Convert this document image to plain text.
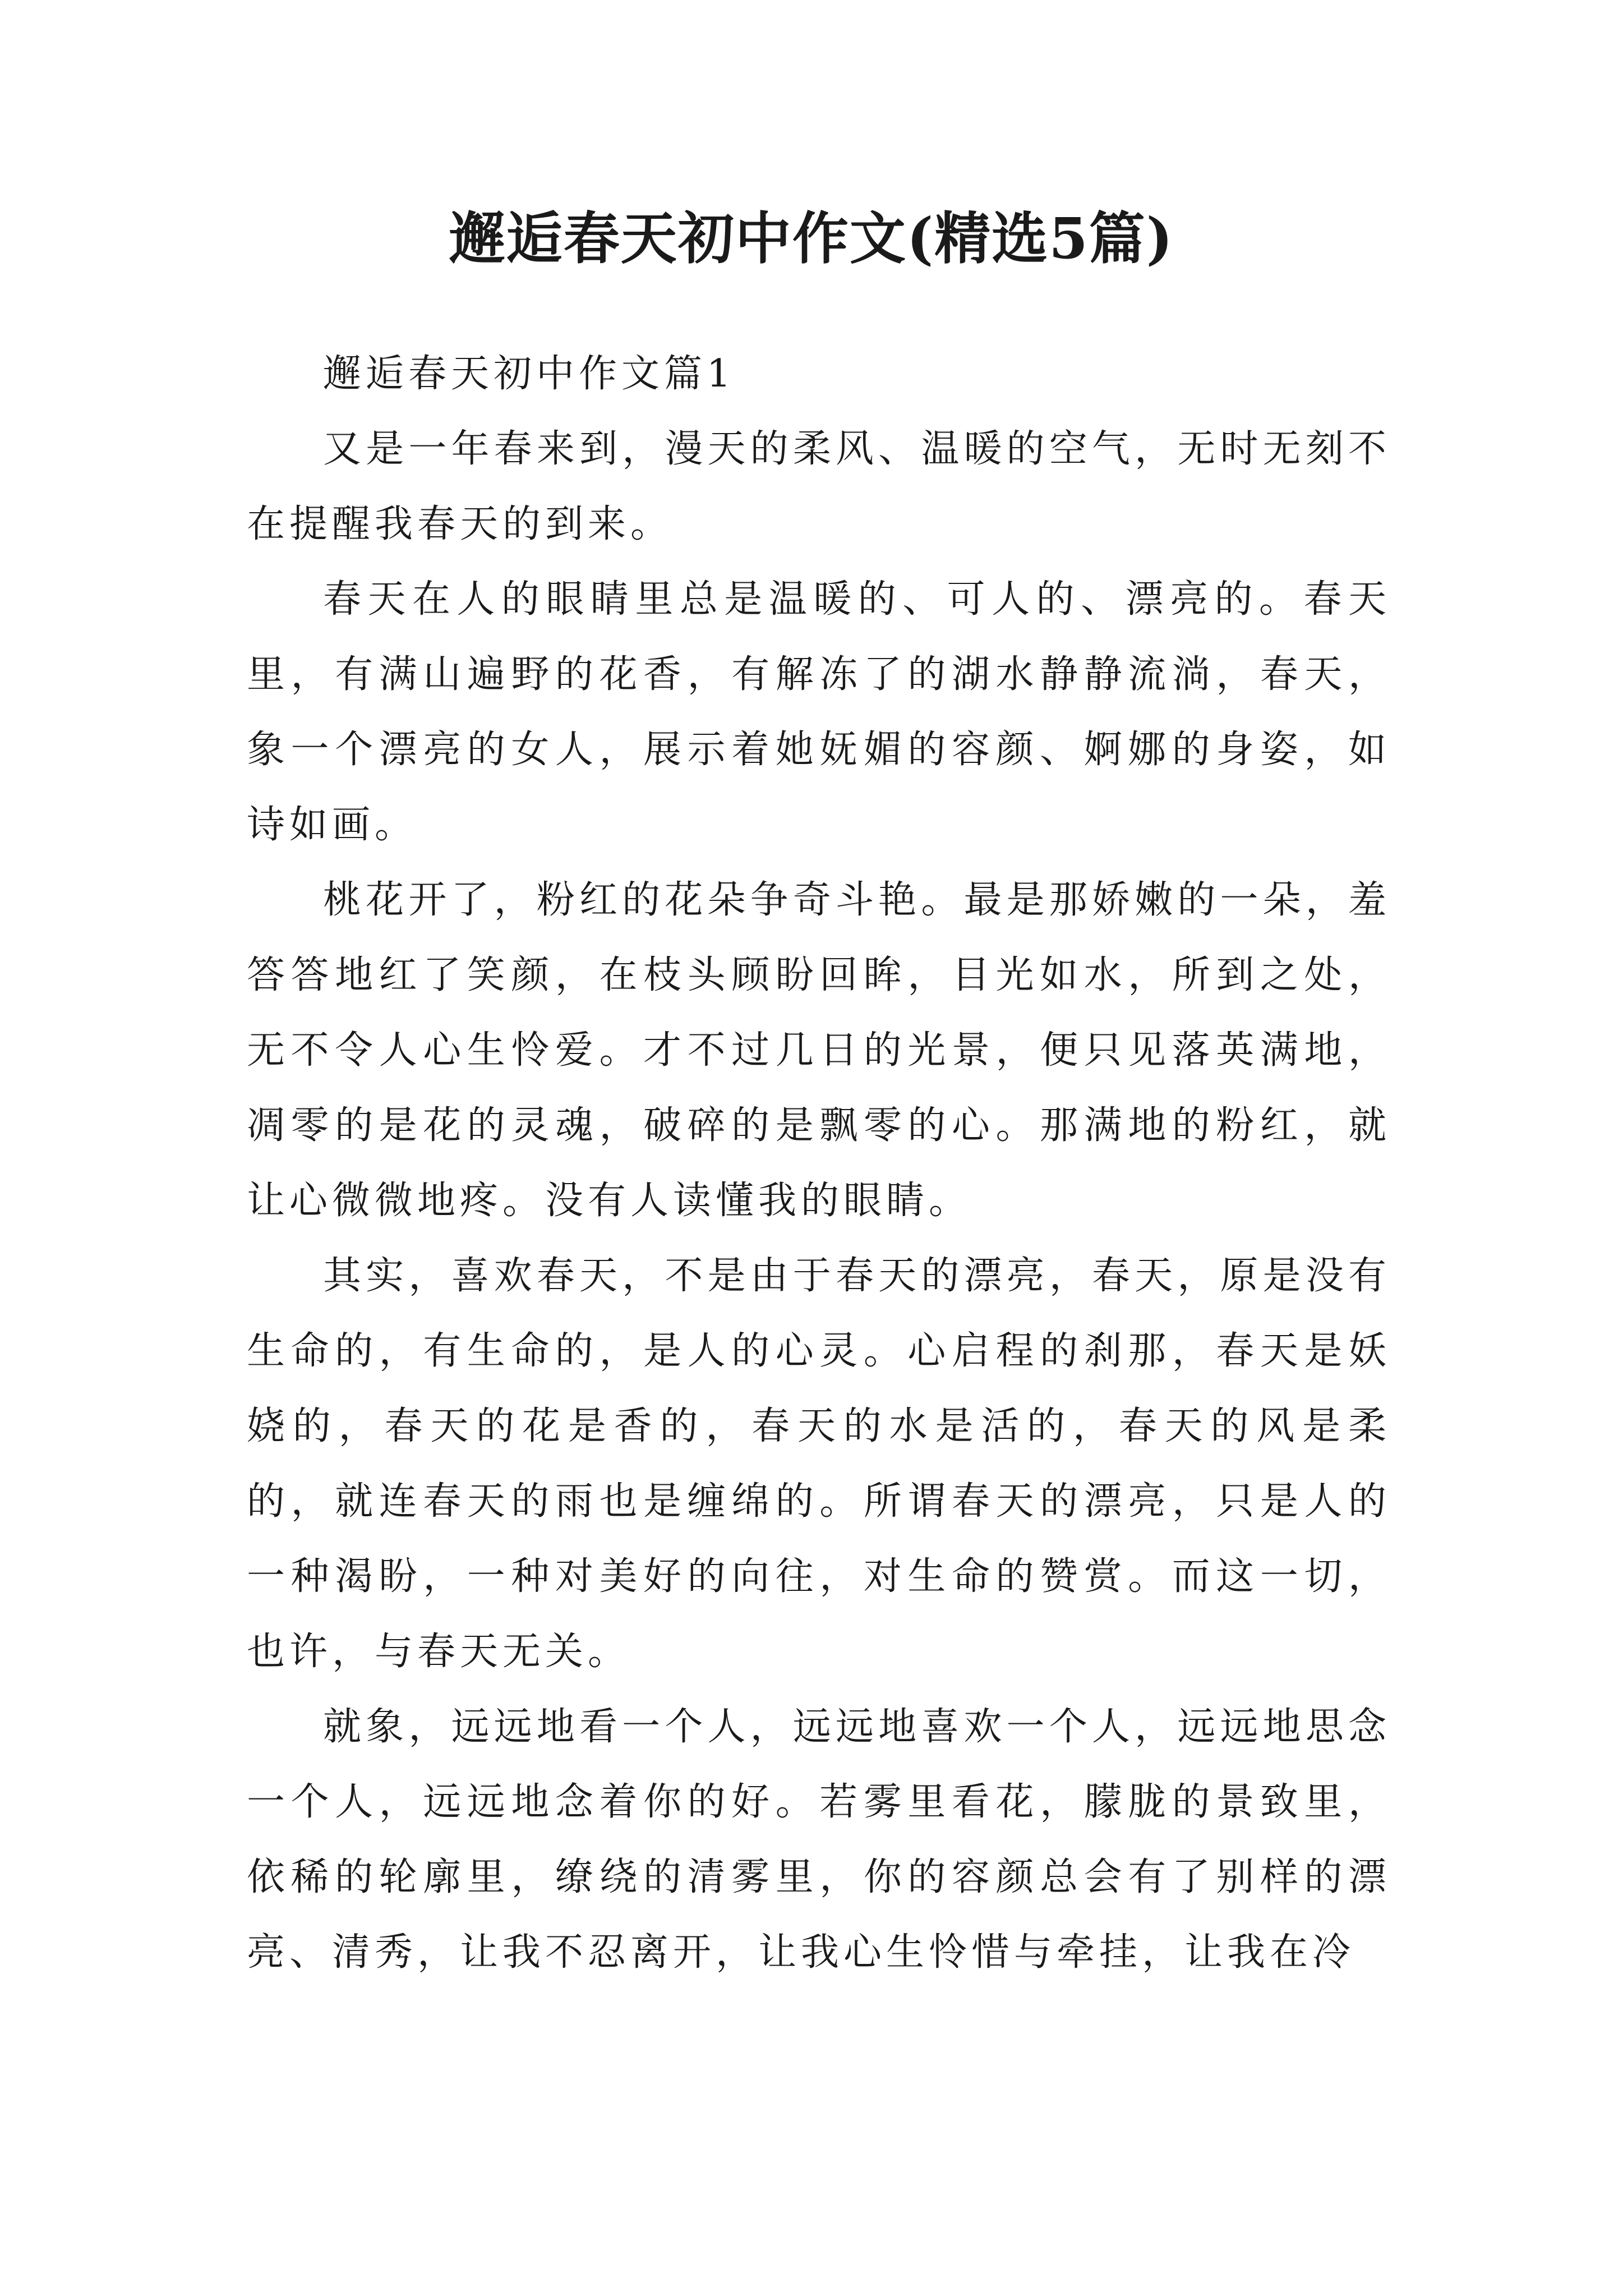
邂逅春天初中作文(精选5篇)

邂逅春天初中作文篇1

又是一年春来到，漫天的柔风、温暖的空气，无时无刻不在提醒我春天的到来。

春天在人的眼睛里总是温暖的、可人的、漂亮的。春天里，有满山遍野的花香，有解冻了的湖水静静流淌，春天，象一个漂亮的女人，展示着她妩媚的容颜、婀娜的身姿，如诗如画。

桃花开了，粉红的花朵争奇斗艳。最是那娇嫩的一朵，羞答答地红了笑颜，在枝头顾盼回眸，目光如水，所到之处，无不令人心生怜爱。才不过几日的光景，便只见落英满地，凋零的是花的灵魂，破碎的是飘零的心。那满地的粉红，就让心微微地疼。没有人读懂我的眼睛。

其实，喜欢春天，不是由于春天的漂亮，春天，原是没有生命的，有生命的，是人的心灵。心启程的刹那，春天是妖娆的，春天的花是香的，春天的水是活的，春天的风是柔的，就连春天的雨也是缠绵的。所谓春天的漂亮，只是人的一种渴盼，一种对美好的向往，对生命的赞赏。而这一切，也许，与春天无关。

就象，远远地看一个人，远远地喜欢一个人，远远地思念一个人，远远地念着你的好。若雾里看花，朦胧的景致里，依稀的轮廓里，缭绕的清雾里，你的容颜总会有了别样的漂亮、清秀，让我不忍离开，让我心生怜惜与牵挂，让我在冷
